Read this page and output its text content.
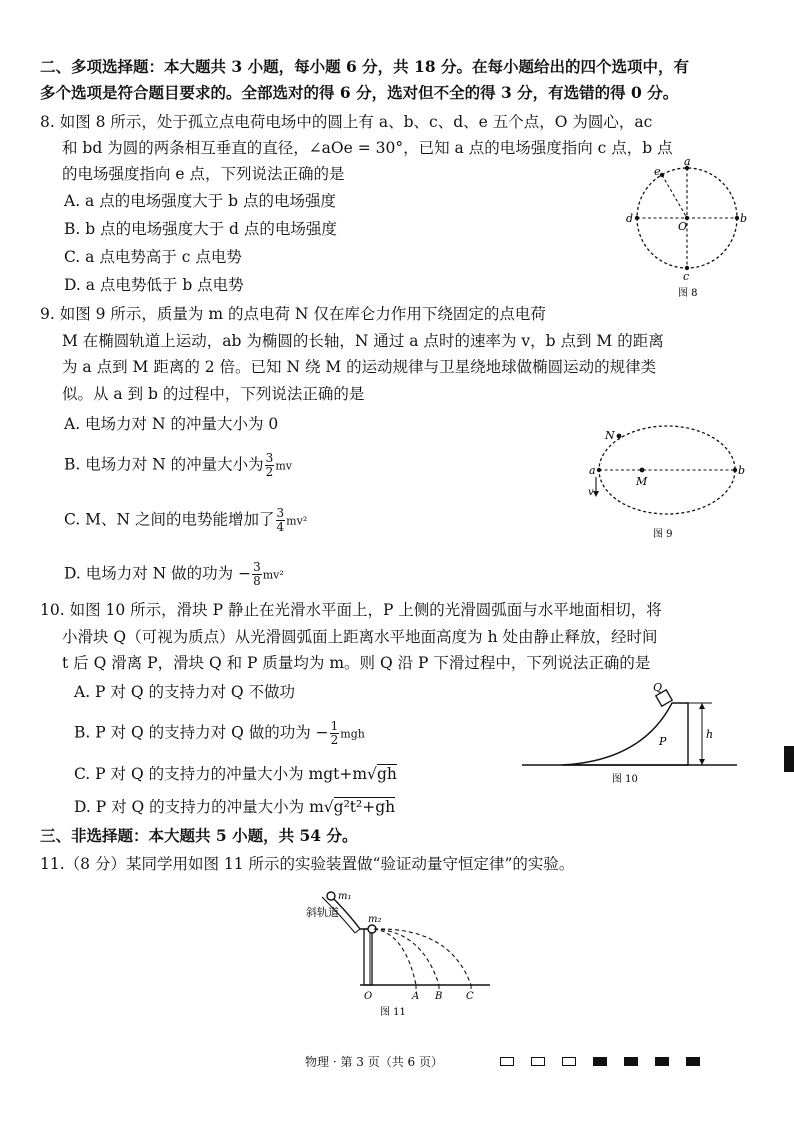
二、多项选择题：本大题共 3 小题，每小题 6 分，共 18 分。在每小题给出的四个选项中，有
多个选项是符合题目要求的。全部选对的得 6 分，选对但不全的得 3 分，有选错的得 0 分。
8. 如图 8 所示，处于孤立点电荷电场中的圆上有 a、b、c、d、e 五个点，O 为圆心，ac
和 bd 为圆的两条相互垂直的直径，∠aOe = 30°，已知 a 点的电场强度指向 c 点，b 点
的电场强度指向 e 点，下列说法正确的是
A. a 点的电场强度大于 b 点的电场强度
B. b 点的电场强度大于 d 点的电场强度
C. a 点电势高于 c 点电势
D. a 点电势低于 b 点电势
a
e
d	b
O
c
图 8
9. 如图 9 所示，质量为 m 的点电荷 N 仅在库仑力作用下绕固定的点电荷
M 在椭圆轨道上运动，ab 为椭圆的长轴，N 通过 a 点时的速率为 v，b 点到 M 的距离
为 a 点到 M 距离的 2 倍。已知 N 绕 M 的运动规律与卫星绕地球做椭圆运动的规律类
似。从 a 到 b 的过程中，下列说法正确的是
A. 电场力对 N 的冲量大小为 0
B. 电场力对 N 的冲量大小为 $\frac{3}{2}$ mv
C. M、N 之间的电势能增加了 $\frac{3}{4} mv^2$
D. 电场力对 N 做的功为 − $\frac{3}{8} mv^2$
N
a
M
b
v
图 9
10. 如图 10 所示，滑块 P 静止在光滑水平面上，P 上侧的光滑圆弧面与水平地面相切，将
小滑块 Q（可视为质点）从光滑圆弧面上距离水平地面高度为 h 处由静止释放，经时间
t 后 Q 滑离 P，滑块 Q 和 P 质量均为 m。则 Q 沿 P 下滑过程中，下列说法正确的是
A. P 对 Q 的支持力对 Q 不做功
B. P 对 Q 的支持力对 Q 做的功为 − $\frac{1}{2}$ mgh
C. P 对 Q 的支持力的冲量大小为 mgt+m√gh
D. P 对 Q 的支持力的冲量大小为 m√g²t²+gh
Q
P
h
图 10
三、非选择题：本大题共 5 小题，共 54 分。
11.（8 分）某同学用如图 11 所示的实验装置做“验证动量守恒定律”的实验。
m₁
m₂
斜轨道
O	A B C
图 11
物理 · 第 3 页（共 6 页）
